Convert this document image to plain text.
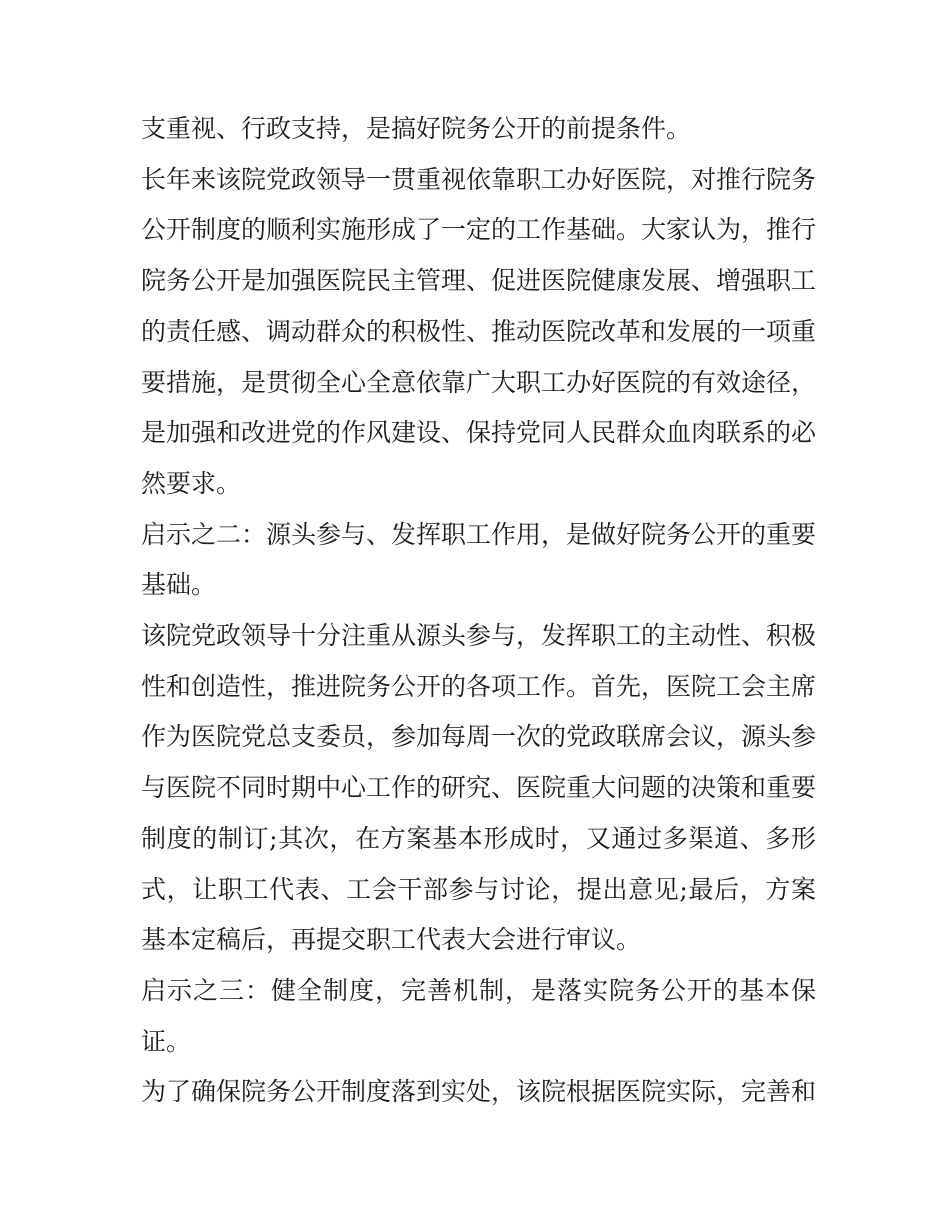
支重视、行政支持，是搞好院务公开的前提条件。

长年来该院党政领导一贯重视依靠职工办好医院，对推行院务公开制度的顺利实施形成了一定的工作基础。大家认为，推行院务公开是加强医院民主管理、促进医院健康发展、增强职工的责任感、调动群众的积极性、推动医院改革和发展的一项重要措施，是贯彻全心全意依靠广大职工办好医院的有效途径，是加强和改进党的作风建设、保持党同人民群众血肉联系的必然要求。

启示之二：源头参与、发挥职工作用，是做好院务公开的重要基础。

该院党政领导十分注重从源头参与，发挥职工的主动性、积极性和创造性，推进院务公开的各项工作。首先，医院工会主席作为医院党总支委员，参加每周一次的党政联席会议，源头参与医院不同时期中心工作的研究、医院重大问题的决策和重要制度的制订;其次，在方案基本形成时，又通过多渠道、多形式，让职工代表、工会干部参与讨论，提出意见;最后，方案基本定稿后，再提交职工代表大会进行审议。

启示之三：健全制度，完善机制，是落实院务公开的基本保证。

为了确保院务公开制度落到实处，该院根据医院实际，完善和
